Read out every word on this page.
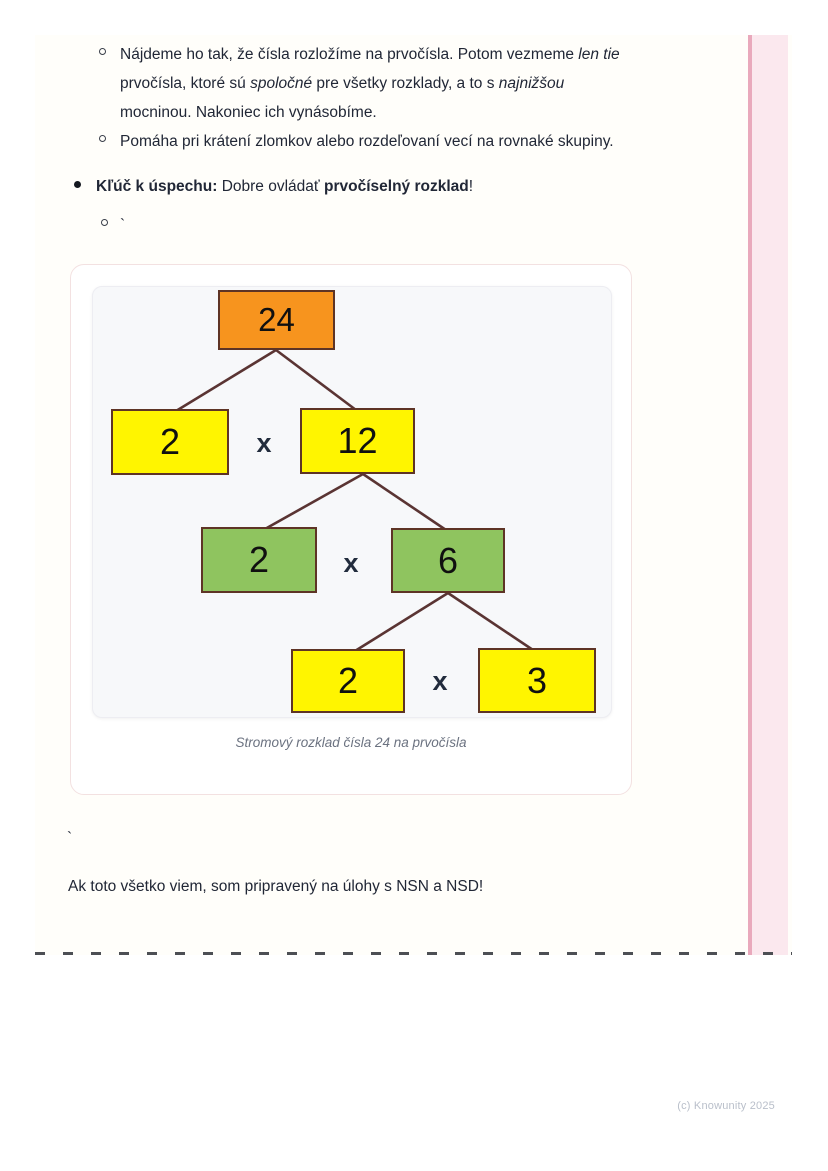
Nájdeme ho tak, že čísla rozložíme na prvočísla. Potom vezmeme len tie prvočísla, ktoré sú spoločné pre všetky rozklady, a to s najnižšou mocninou. Nakoniec ich vynásobíme.
Pomáha pri krátení zlomkov alebo rozdeľovaní vecí na rovnaké skupiny.
Kľúč k úspechu: Dobre ovládať prvočíselný rozklad!
`
24
2	x	12
2	x	6
2	x	3
Stromový rozklad čísla 24 na prvočísla
`
Ak toto všetko viem, som pripravený na úlohy s NSN a NSD!
(c) Knowunity 2025
